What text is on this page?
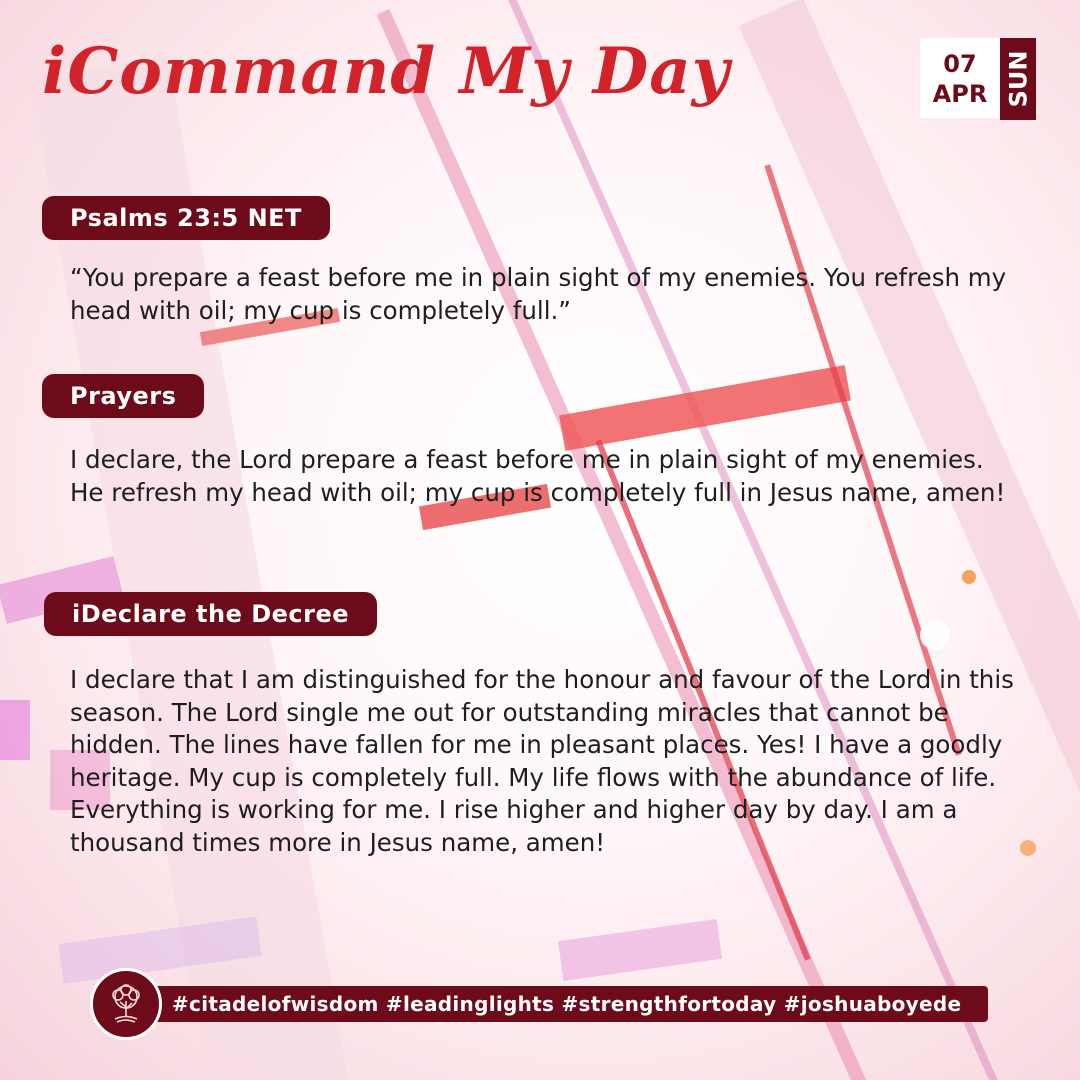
iCommand My Day	07
APR SUN
Psalms 23:5 NET
“You prepare a feast before me in plain sight of my enemies. You refresh my head with oil; my cup is completely full.”
Prayers
I declare, the Lord prepare a feast before me in plain sight of my enemies. He refresh my head with oil; my cup is completely full in Jesus name, amen!
iDeclare the Decree
I declare that I am distinguished for the honour and favour of the Lord in this season. The Lord single me out for outstanding miracles that cannot be hidden. The lines have fallen for me in pleasant places. Yes! I have a goodly heritage. My cup is completely full. My life flows with the abundance of life. Everything is working for me. I rise higher and higher day by day. I am a thousand times more in Jesus name, amen!
#citadelofwisdom #leadinglights #strengthfortoday #joshuaboyede
